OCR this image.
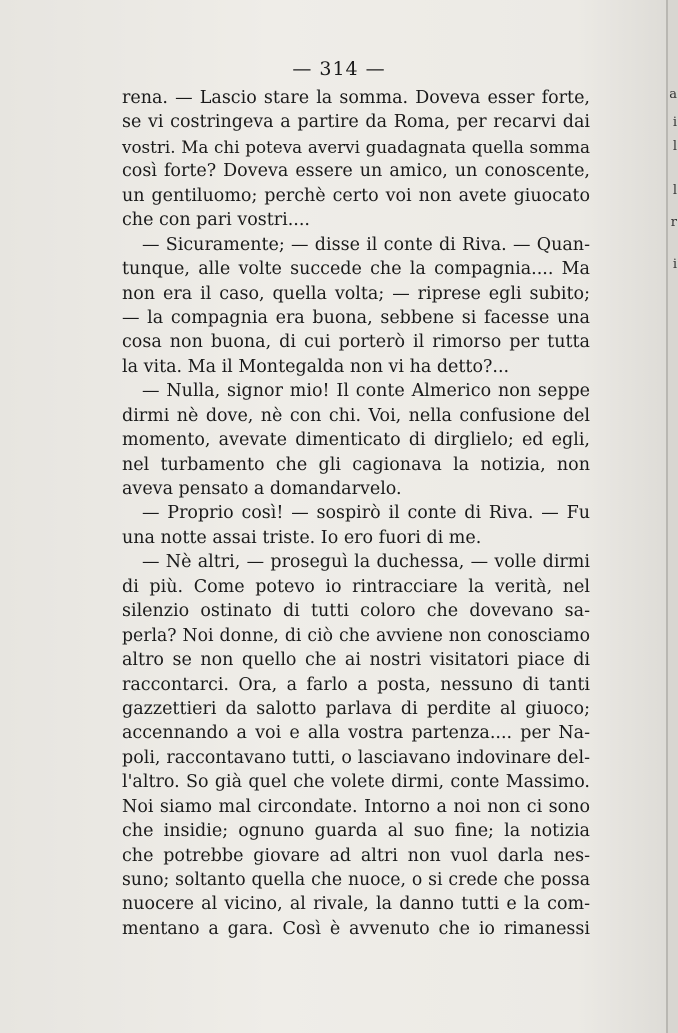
a
i
l
l
r
i
— 314 —
rena. — Lascio stare la somma. Doveva esser forte,
se vi costringeva a partire da Roma, per recarvi dai
vostri. Ma chi poteva avervi guadagnata quella somma
così forte? Doveva essere un amico, un conoscente,
un gentiluomo; perchè certo voi non avete giuocato
che con pari vostri....
— Sicuramente; — disse il conte di Riva. — Quan-
tunque, alle volte succede che la compagnia.... Ma
non era il caso, quella volta; — riprese egli subito;
— la compagnia era buona, sebbene si facesse una
cosa non buona, di cui porterò il rimorso per tutta
la vita. Ma il Montegalda non vi ha detto?...
— Nulla, signor mio! Il conte Almerico non seppe
dirmi nè dove, nè con chi. Voi, nella confusione del
momento, avevate dimenticato di dirglielo; ed egli,
nel turbamento che gli cagionava la notizia, non
aveva pensato a domandarvelo.
— Proprio così! — sospirò il conte di Riva. — Fu
una notte assai triste. Io ero fuori di me.
— Nè altri, — proseguì la duchessa, — volle dirmi
di più. Come potevo io rintracciare la verità, nel
silenzio ostinato di tutti coloro che dovevano sa-
perla? Noi donne, di ciò che avviene non conosciamo
altro se non quello che ai nostri visitatori piace di
raccontarci. Ora, a farlo a posta, nessuno di tanti
gazzettieri da salotto parlava di perdite al giuoco;
accennando a voi e alla vostra partenza.... per Na-
poli, raccontavano tutti, o lasciavano indovinare del-
l'altro. So già quel che volete dirmi, conte Massimo.
Noi siamo mal circondate. Intorno a noi non ci sono
che insidie; ognuno guarda al suo fine; la notizia
che potrebbe giovare ad altri non vuol darla nes-
suno; soltanto quella che nuoce, o si crede che possa
nuocere al vicino, al rivale, la danno tutti e la com-
mentano a gara. Così è avvenuto che io rimanessi
